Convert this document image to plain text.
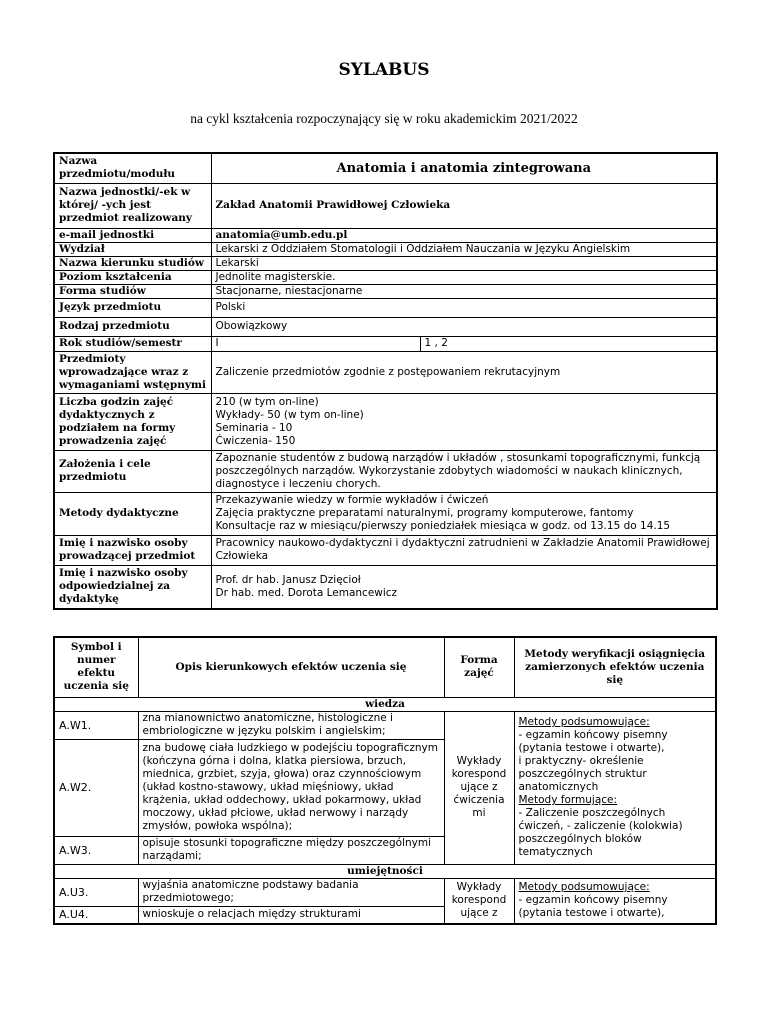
SYLABUS
na cykl kształcenia rozpoczynający się w roku akademickim 2021/2022
Nazwa przedmiotu/modułu	Anatomia i anatomia zintegrowana	
Nazwa jednostki/-ek w której/ -ych jest przedmiot realizowany	Zakład Anatomii Prawidłowej Człowieka	
e-mail jednostki	anatomia@umb.edu.pl	
Wydział	Lekarski z Oddziałem Stomatologii i Oddziałem Nauczania w Języku Angielskim	
Nazwa kierunku studiów	Lekarski	
Poziom kształcenia	Jednolite magisterskie.	
Forma studiów	Stacjonarne, niestacjonarne	
Język przedmiotu	Polski	
Rodzaj przedmiotu	Obowiązkowy	
Rok studiów/semestr	I	1 , 2
Przedmioty wprowadzające wraz z wymaganiami wstępnymi	Zaliczenie przedmiotów zgodnie z postępowaniem rekrutacyjnym	
Liczba godzin zajęć dydaktycznych z podziałem na formy prowadzenia zajęć	210 (w tym on-line)
Wykłady- 50 (w tym on-line)
Seminaria - 10
Ćwiczenia- 150	

Założenia i cele przedmiotu	Zapoznanie studentów z budową narządów i układów , stosunkami topograficznymi, funkcją poszczególnych narządów. Wykorzystanie zdobytych wiadomości w naukach klinicznych, diagnostyce i leczeniu chorych.	
Metody dydaktyczne	Przekazywanie wiedzy w formie wykładów i ćwiczeń
Zajęcia praktyczne preparatami naturalnymi, programy komputerowe, fantomy
Konsultacje raz w miesiącu/pierwszy poniedziałek miesiąca w godz. od 13.15 do 14.15	

Imię i nazwisko osoby prowadzącej przedmiot	Pracownicy naukowo-dydaktyczni i dydaktyczni zatrudnieni w Zakładzie Anatomii Prawidłowej Człowieka	
Imię i nazwisko osoby odpowiedzialnej za dydaktykę	Prof. dr hab. Janusz Dzięcioł
Dr hab. med. Dorota Lemancewicz	
Symbol i numer efektu uczenia się	Opis kierunkowych efektów uczenia się	Forma zajęć	Metody weryfikacji osiągnięcia zamierzonych efektów uczenia się
wiedza			
A.W1.	zna mianownictwo anatomiczne, histologiczne i embriologiczne w języku polskim i angielskim;	Wykłady korespond ujące z ćwiczenia mi	Metody podsumowujące:
- egzamin końcowy pisemny (pytania testowe i otwarte),
i praktyczny- określenie poszczególnych struktur anatomicznych
Metody formujące:
- Zaliczenie poszczególnych ćwiczeń, - zaliczenie (kolokwia) poszczególnych bloków tematycznych

A.W2.	zna budowę ciała ludzkiego w podejściu topograficznym (kończyna górna i dolna, klatka piersiowa, brzuch, miednica, grzbiet, szyja, głowa) oraz czynnościowym (układ kostno-stawowy, układ mięśniowy, układ krążenia, układ oddechowy, układ pokarmowy, układ moczowy, układ płciowe, układ nerwowy i narządy zmysłów, powłoka wspólna);		
A.W3.	opisuje stosunki topograficzne między poszczególnymi narządami;		
umiejętności			
A.U3.	wyjaśnia anatomiczne podstawy badania przedmiotowego;	Wykłady korespond ujące z	Metody podsumowujące:
- egzamin końcowy pisemny (pytania testowe i otwarte),

A.U4.	wnioskuje o relacjach między strukturami		
